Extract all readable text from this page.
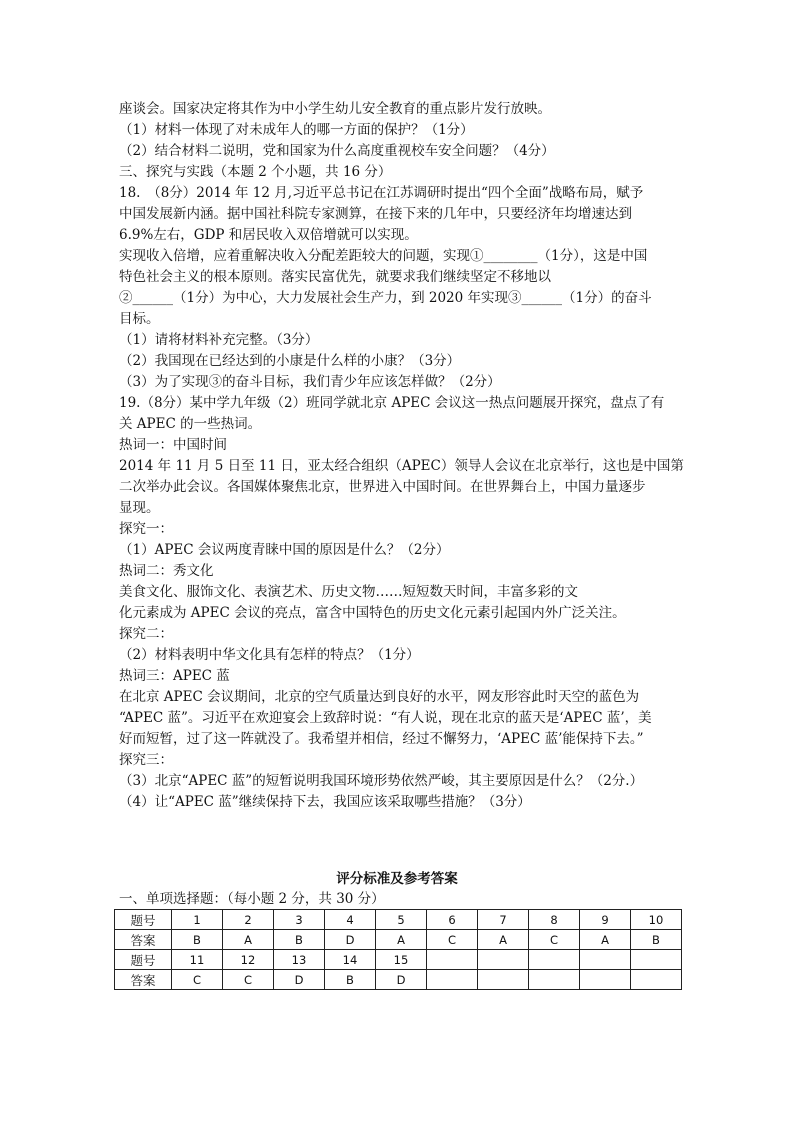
座谈会。国家决定将其作为中小学生幼儿安全教育的重点影片发行放映。
（1）材料一体现了对未成年人的哪一方面的保护？（1分）
（2）结合材料二说明，党和国家为什么高度重视校车安全问题？（4分）
三、探究与实践（本题 2 个小题，共 16 分）
18.　（8分）2014 年 12 月,习近平总书记在江苏调研时提出“四个全面”战略布局，赋予
中国发展新内涵。据中国社科院专家测算，在接下来的几年中，只要经济年均增速达到
6.9%左右，GDP 和居民收入双倍增就可以实现。
实现收入倍增，应着重解决收入分配差距较大的问题，实现①________（1分），这是中国
特色社会主义的根本原则。落实民富优先，就要求我们继续坚定不移地以
②______（1分）为中心，大力发展社会生产力，到 2020 年实现③______（1分）的奋斗
目标。
（1）请将材料补充完整。（3分）
（2）我国现在已经达到的小康是什么样的小康？（3分）
（3）为了实现③的奋斗目标，我们青少年应该怎样做？（2分）
19.（8分）某中学九年级（2）班同学就北京 APEC 会议这一热点问题展开探究，盘点了有
关 APEC 的一些热词。
热词一：中国时间
2014 年 11 月 5 日至 11 日，亚太经合组织（APEC）领导人会议在北京举行，这也是中国第
二次举办此会议。各国媒体聚焦北京，世界进入中国时间。在世界舞台上，中国力量逐步
显现。
探究一：
（1）APEC 会议两度青睐中国的原因是什么？（2分）
热词二：秀文化
美食文化、服饰文化、表演艺术、历史文物……短短数天时间，丰富多彩的文
化元素成为 APEC 会议的亮点，富含中国特色的历史文化元素引起国内外广泛关注。
探究二：
（2）材料表明中华文化具有怎样的特点？（1分）
热词三：APEC 蓝
在北京 APEC 会议期间，北京的空气质量达到良好的水平，网友形容此时天空的蓝色为
“APEC 蓝”。习近平在欢迎宴会上致辞时说：“有人说，现在北京的蓝天是‘APEC 蓝’，美
好而短暂，过了这一阵就没了。我希望并相信，经过不懈努力，‘APEC 蓝’能保持下去。”
探究三：
（3）北京“APEC 蓝”的短暂说明我国环境形势依然严峻，其主要原因是什么？（2分.）
（4）让“APEC 蓝”继续保持下去，我国应该采取哪些措施？（3分）
评分标准及参考答案
一、单项选择题：（每小题 2 分，共 30 分）
题号	1	2	3	4	5	6	7	8	9	10
答案	B	A	B	D	A	C	A	C	A	B
题号	11	12	13	14	15					
答案	C	C	D	B	D					
